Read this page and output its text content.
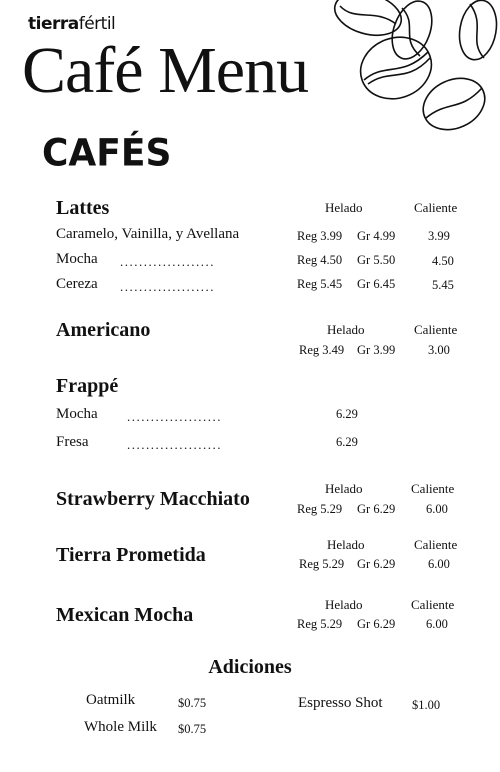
tierrafértil
Café Menu
CAFÉS
Lattes	Helado	Caliente
Caramelo, Vainilla, y Avellana	Reg 3.99 Gr 4.99	3.99
Mocha ....................	Reg 4.50 Gr 5.50	4.50
Cereza ....................	Reg 5.45 Gr 6.45	5.45
Americano	Helado	Caliente
Reg 3.49 Gr 3.99	3.00
Frappé
Mocha ....................	6.29
Fresa	....................	6.29
Strawberry Macchiato	Helado	Caliente
Reg 5.29 Gr 6.29 6.00
Tierra Prometida	Helado	Caliente
Reg 5.29 Gr 6.29	6.00
Mexican Mocha	Helado	Caliente
Reg 5.29 Gr 6.29 6.00
Adiciones
Oatmilk	$0.75
Whole Milk $0.75
Espresso Shot $1.00
